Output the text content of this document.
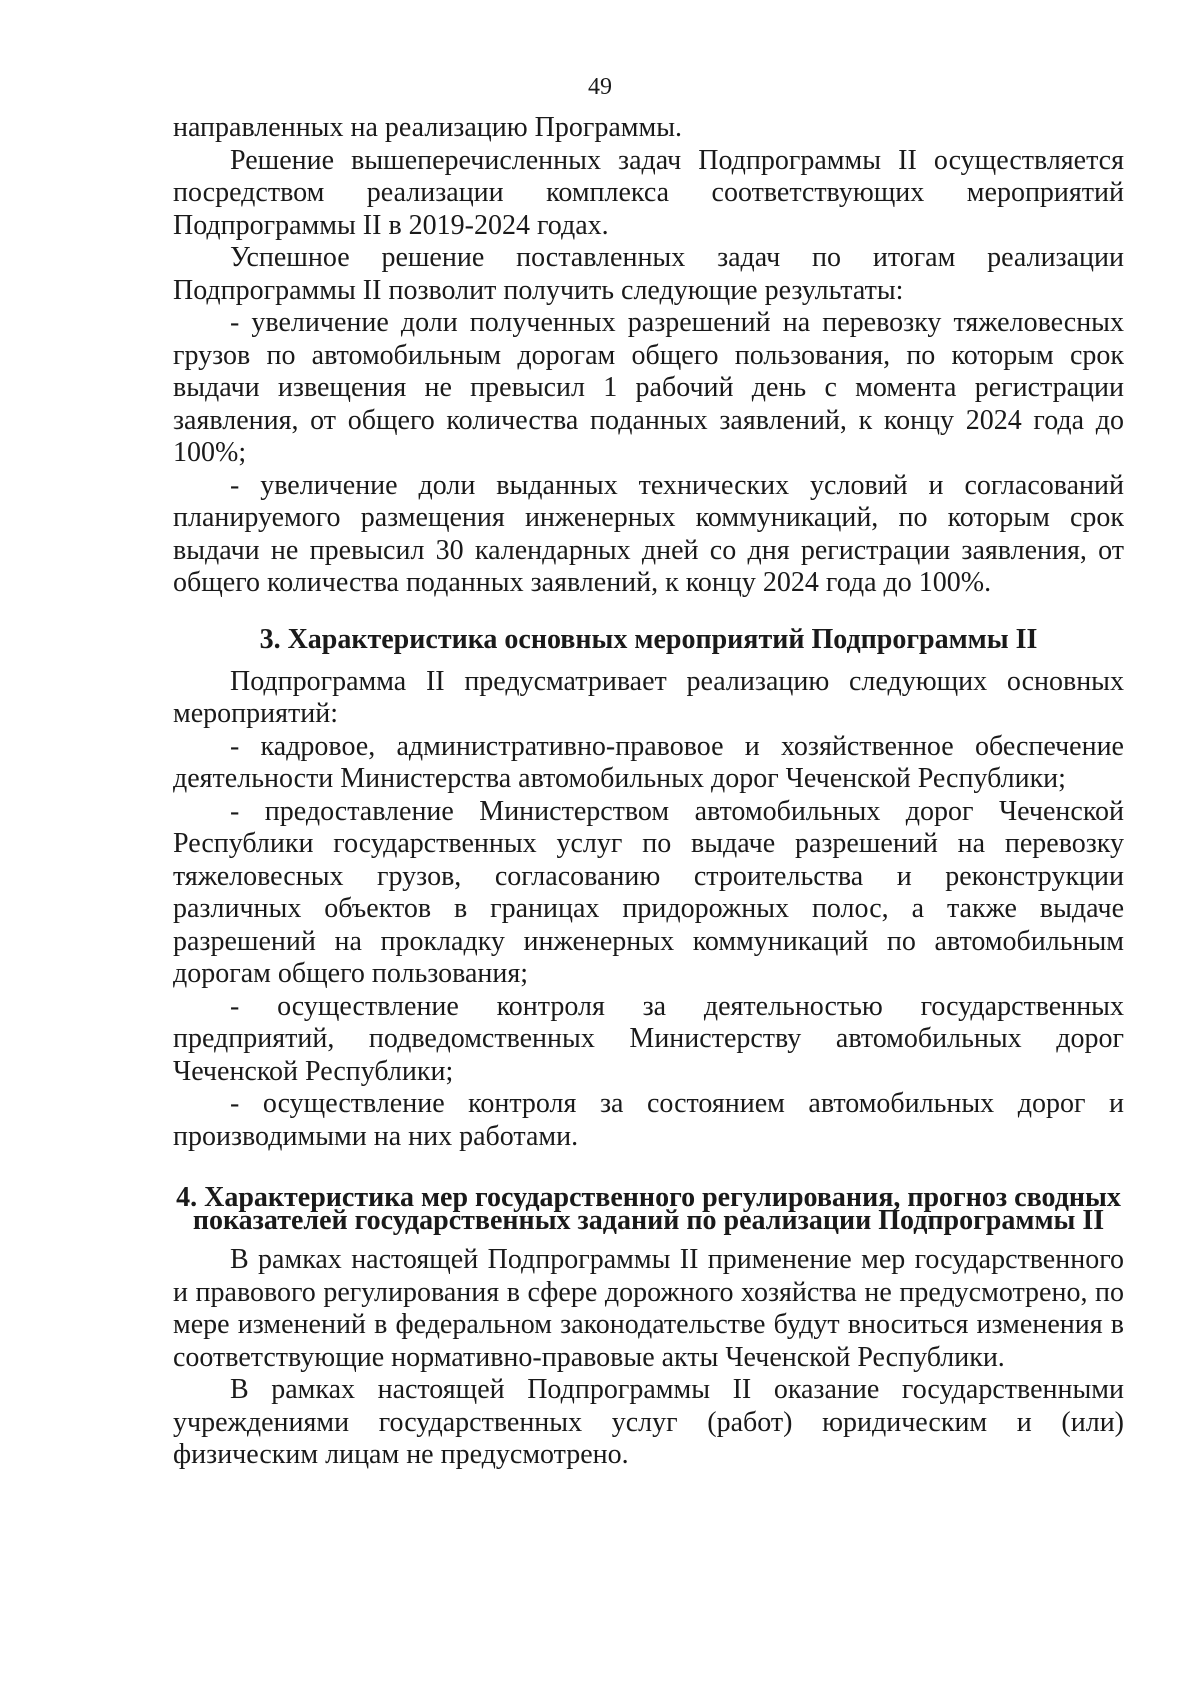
49

направленных на реализацию Программы.

Решение вышеперечисленных задач Подпрограммы II осуществляется посредством реализации комплекса соответствующих мероприятий Подпрограммы II в 2019-2024 годах.

Успешное решение поставленных задач по итогам реализации Подпрограммы II позволит получить следующие результаты:

- увеличение доли полученных разрешений на перевозку тяжеловесных грузов по автомобильным дорогам общего пользования, по которым срок выдачи извещения не превысил 1 рабочий день с момента регистрации заявления, от общего количества поданных заявлений, к концу 2024 года до 100%;

- увеличение доли выданных технических условий и согласований планируемого размещения инженерных коммуникаций, по которым срок выдачи не превысил 30 календарных дней со дня регистрации заявления, от общего количества поданных заявлений, к концу 2024 года до 100%.

3. Характеристика основных мероприятий Подпрограммы II

Подпрограмма II предусматривает реализацию следующих основных мероприятий:

- кадровое, административно-правовое и хозяйственное обеспечение деятельности Министерства автомобильных дорог Чеченской Республики;

- предоставление Министерством автомобильных дорог Чеченской Республики государственных услуг по выдаче разрешений на перевозку тяжеловесных грузов, согласованию строительства и реконструкции различных объектов в границах придорожных полос, а также выдаче разрешений на прокладку инженерных коммуникаций по автомобильным дорогам общего пользования;

- осуществление контроля за деятельностью государственных предприятий, подведомственных Министерству автомобильных дорог Чеченской Республики;

- осуществление контроля за состоянием автомобильных дорог и производимыми на них работами.

4. Характеристика мер государственного регулирования, прогноз сводных показателей государственных заданий по реализации Подпрограммы II

В рамках настоящей Подпрограммы II применение мер государственного и правового регулирования в сфере дорожного хозяйства не предусмотрено, по мере изменений в федеральном законодательстве будут вноситься изменения в соответствующие нормативно-правовые акты Чеченской Республики.

В рамках настоящей Подпрограммы II оказание государственными учреждениями государственных услуг (работ) юридическим и (или) физическим лицам не предусмотрено.
